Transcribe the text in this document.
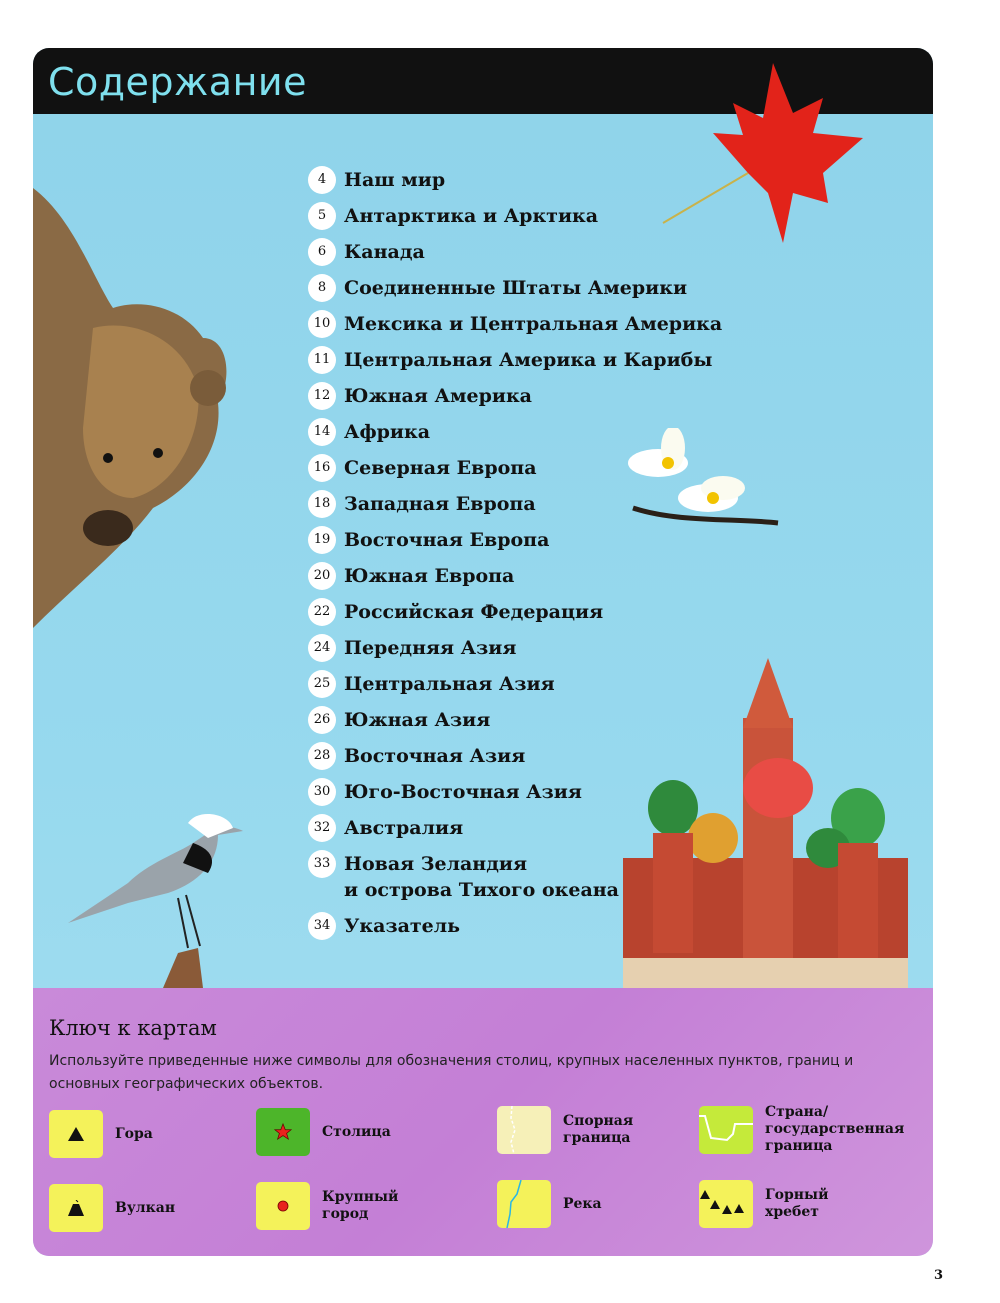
Содержание
4 Наш мир
5 Антарктика и Арктика
6 Канада
8 Соединенные Штаты Америки
10 Мексика и Центральная Америка
11 Центральная Америка и Карибы
12 Южная Америка
14 Африка
16 Северная Европа
18 Западная Европа
19 Восточная Европа
20 Южная Европа
22 Российская Федерация
24 Передняя Азия
25 Центральная Азия
26 Южная Азия
28 Восточная Азия
30 Юго-Восточная Азия
32 Австралия
33 Новая Зеландия
и острова Тихого океана
34 Указатель
Ключ к картам
Используйте приведенные ниже символы для обозначения столиц, крупных населенных пунктов, границ и основных географических объектов.
Гора	Столица
Спорная
граница
Страна/
государственная
граница
Вулкан
Крупный
город
Река
Горный
хребет
3
